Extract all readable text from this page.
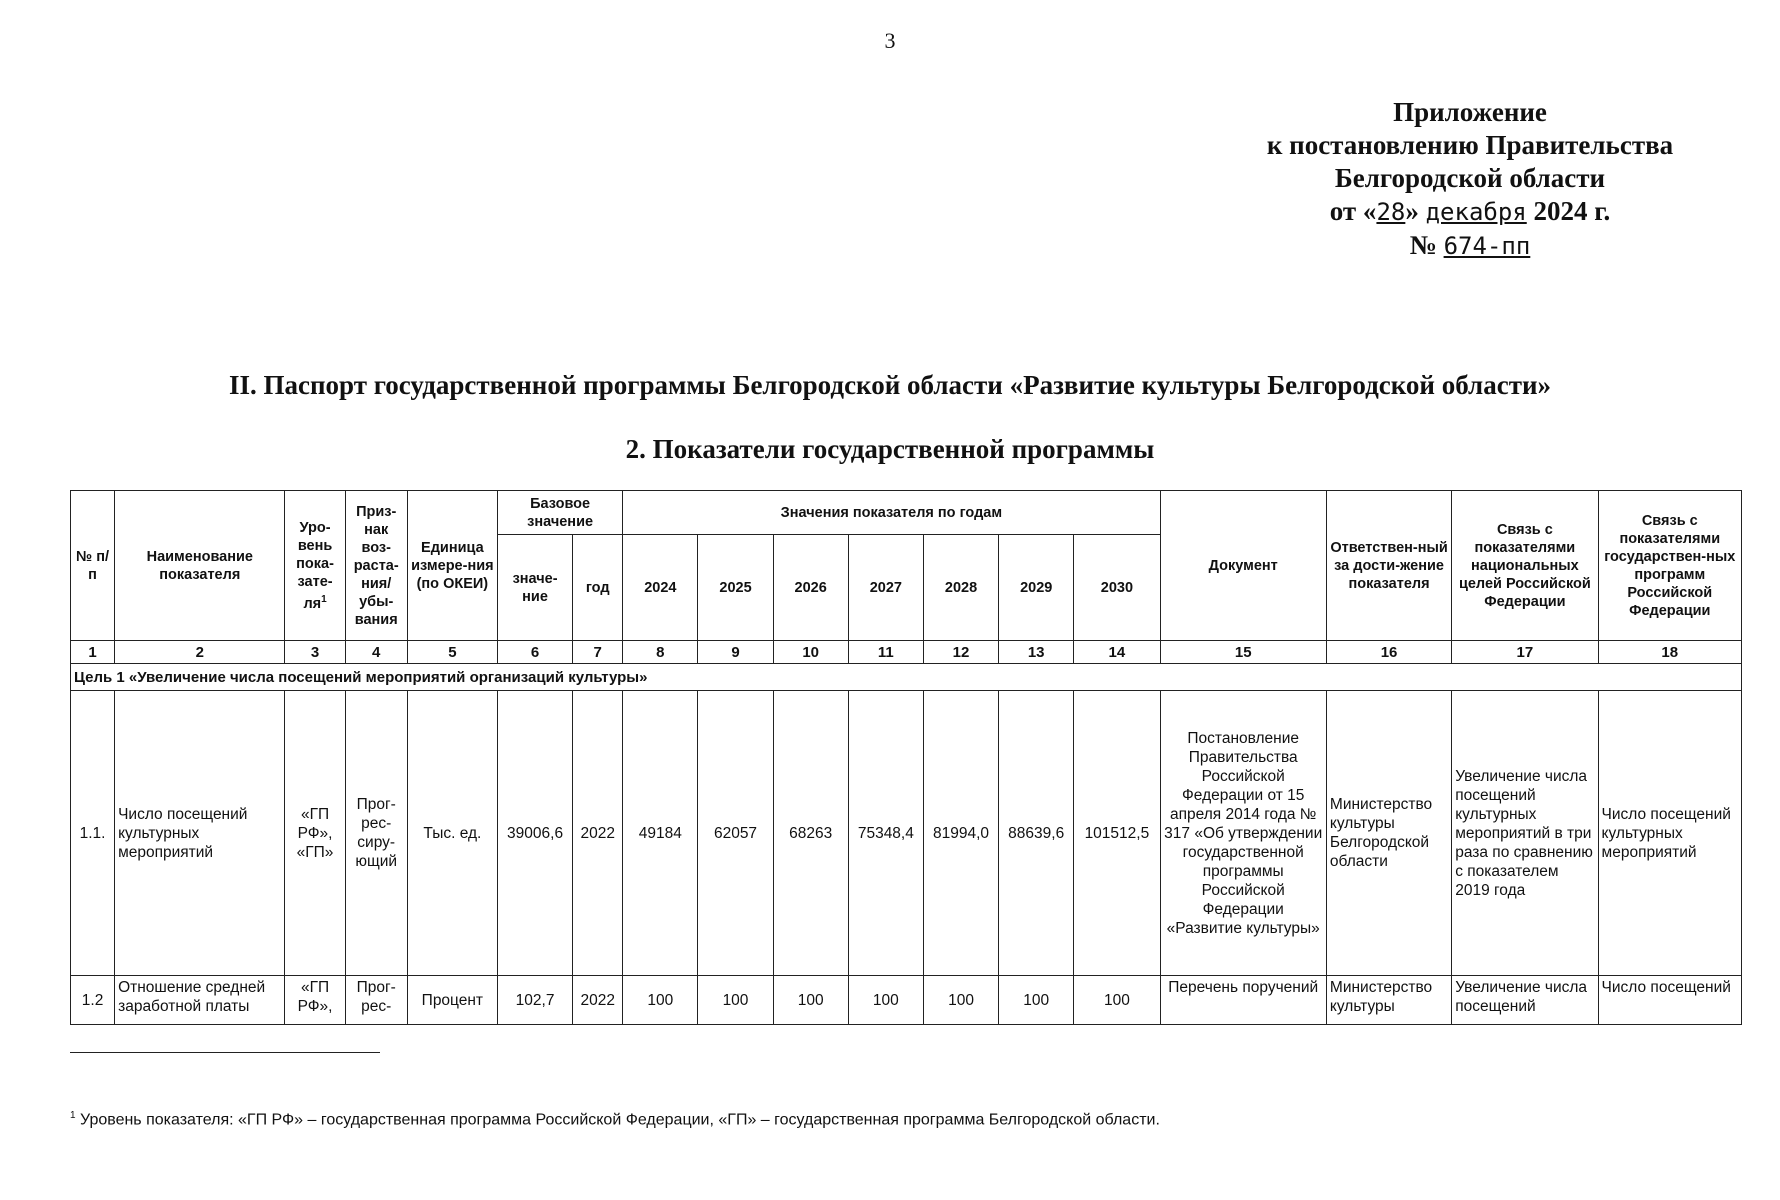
3
Приложение
к постановлению Правительства
Белгородской области
от «28» декабря 2024 г.
№ 674-пп
II. Паспорт государственной программы Белгородской области «Развитие культуры Белгородской области»
2. Показатели государственной программы
№ п/п	Наименование показателя	Уро-вень пока-$зате-ля^1$	Приз-нак воз-раста-ния/ убы-вания	Единица измере-ния (по ОКЕИ)	Базовое значение		Значения показателя по годам							Документ	Ответствен-ный за дости-жение показателя	Связь с показателями национальных целей Российской Федерации	Связь с показателями государствен-ных программ Российской Федерации
					значе-ние	год	2024	2025	2026	2027	2028	2029	2030				
1	2	3	4	5	6	7	8	9	10	11	12	13	14	15	16	17	18
Цель 1 «Увеличение числа посещений мероприятий организаций культуры»																	
1.1.	Число посещений культурных мероприятий	«ГП РФ», «ГП»	Прог-рес-сиру-ющий	Тыс. ед.	39006,6	2022	49184	62057	68263	75348,4	81994,0	88639,6	101512,5	Постановление Правительства Российской Федерации от 15 апреля 2014 года № 317 «Об утверждении государственной программы Российской Федерации «Развитие культуры»	Министерство культуры Белгородской области	Увеличение числа посещений культурных мероприятий в три раза по сравнению с показателем 2019 года	Число посещений культурных мероприятий
1.2	Отношение средней заработной платы	«ГП РФ»,	Прог-рес-	Процент	102,7	2022	100	100	100	100	100	100	100	Перечень поручений	Министерство культуры	Увеличение числа посещений	Число посещений
$^1$ Уровень показателя: «ГП РФ» – государственная программа Российской Федерации, «ГП» – государственная программа Белгородской области.
